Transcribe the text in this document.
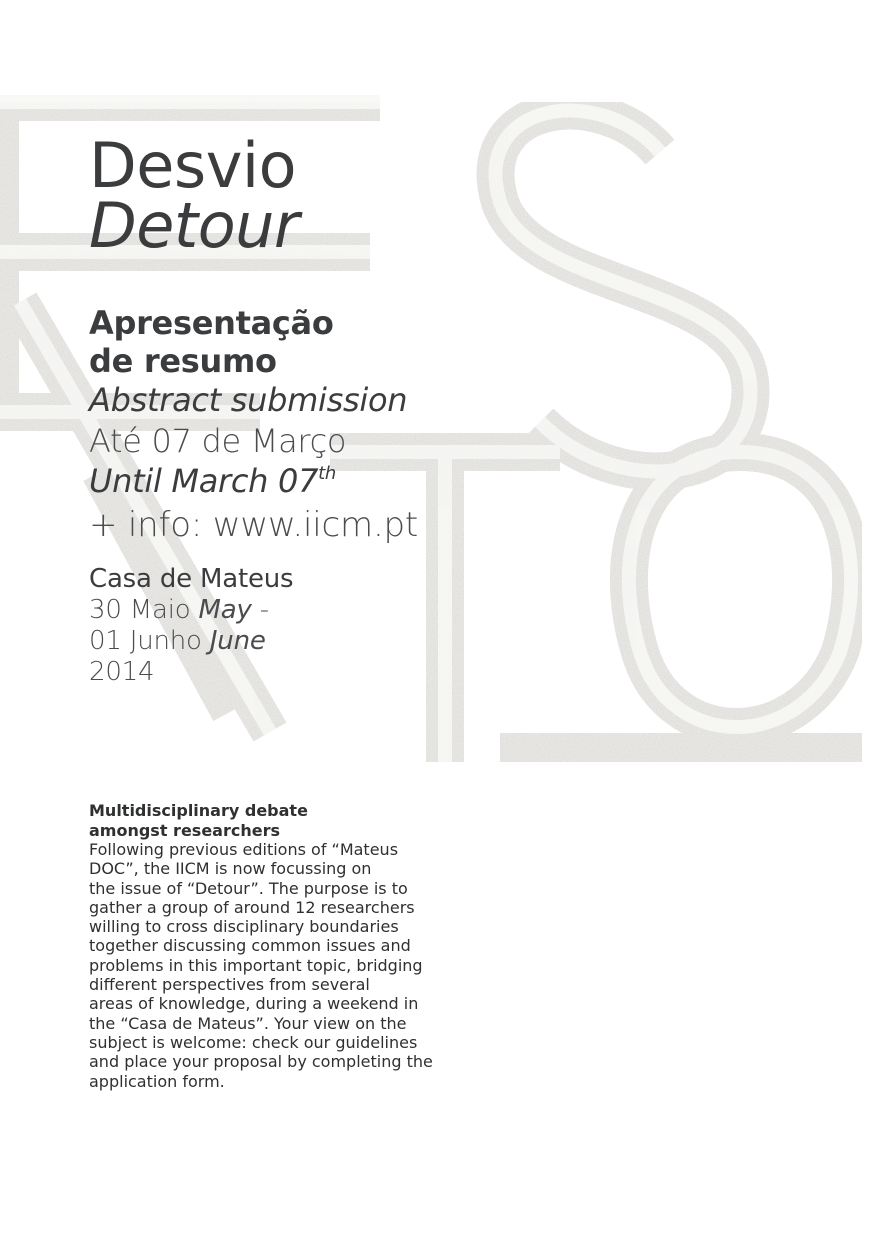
Desvio

Detour

Apresentação

de resumo

Abstract submission

Até 07 de Março

Until March 07th

+ info: www.iicm.pt

Casa de Mateus

30 Maio May -

01 Junho June

2014

Multidisciplinary debate

amongst researchers

Following previous editions of “Mateus

DOC”, the IICM is now focussing on

the issue of “Detour”. The purpose is to

gather a group of around 12 researchers

willing to cross disciplinary boundaries

together discussing common issues and

problems in this important topic, bridging

different perspectives from several

areas of knowledge, during a weekend in

the “Casa de Mateus”. Your view on the

subject is welcome: check our guidelines

and place your proposal by completing the

application form.
